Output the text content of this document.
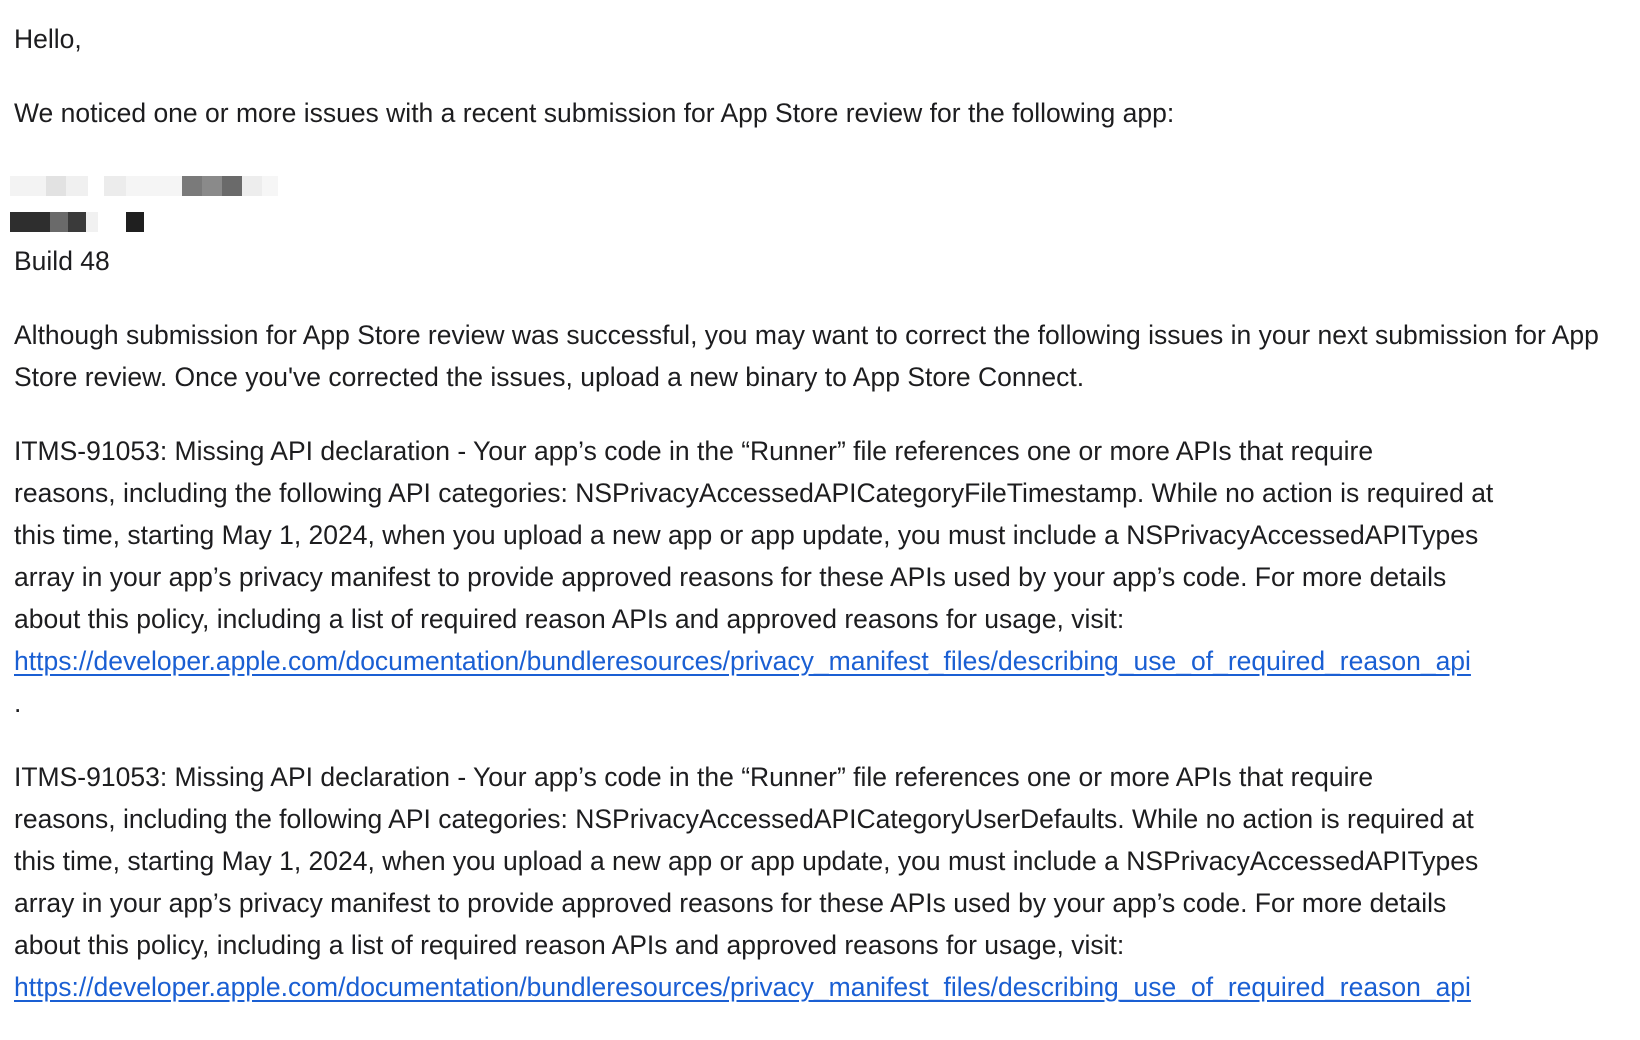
Hello,

We noticed one or more issues with a recent submission for App Store review for the following app:

Build 48

Although submission for App Store review was successful, you may want to correct the following issues in your next submission for App Store review. Once you've corrected the issues, upload a new binary to App Store Connect.

ITMS-91053: Missing API declaration - Your app’s code in the “Runner” file references one or more APIs that require
reasons, including the following API categories: NSPrivacyAccessedAPICategoryFileTimestamp. While no action is required at
this time, starting May 1, 2024, when you upload a new app or app update, you must include a NSPrivacyAccessedAPITypes
array in your app’s privacy manifest to provide approved reasons for these APIs used by your app’s code. For more details
about this policy, including a list of required reason APIs and approved reasons for usage, visit:
https://developer.apple.com/documentation/bundleresources/privacy_manifest_files/describing_use_of_required_reason_api
.
ITMS-91053: Missing API declaration - Your app’s code in the “Runner” file references one or more APIs that require
reasons, including the following API categories: NSPrivacyAccessedAPICategoryUserDefaults. While no action is required at
this time, starting May 1, 2024, when you upload a new app or app update, you must include a NSPrivacyAccessedAPITypes
array in your app’s privacy manifest to provide approved reasons for these APIs used by your app’s code. For more details
about this policy, including a list of required reason APIs and approved reasons for usage, visit:
https://developer.apple.com/documentation/bundleresources/privacy_manifest_files/describing_use_of_required_reason_api
